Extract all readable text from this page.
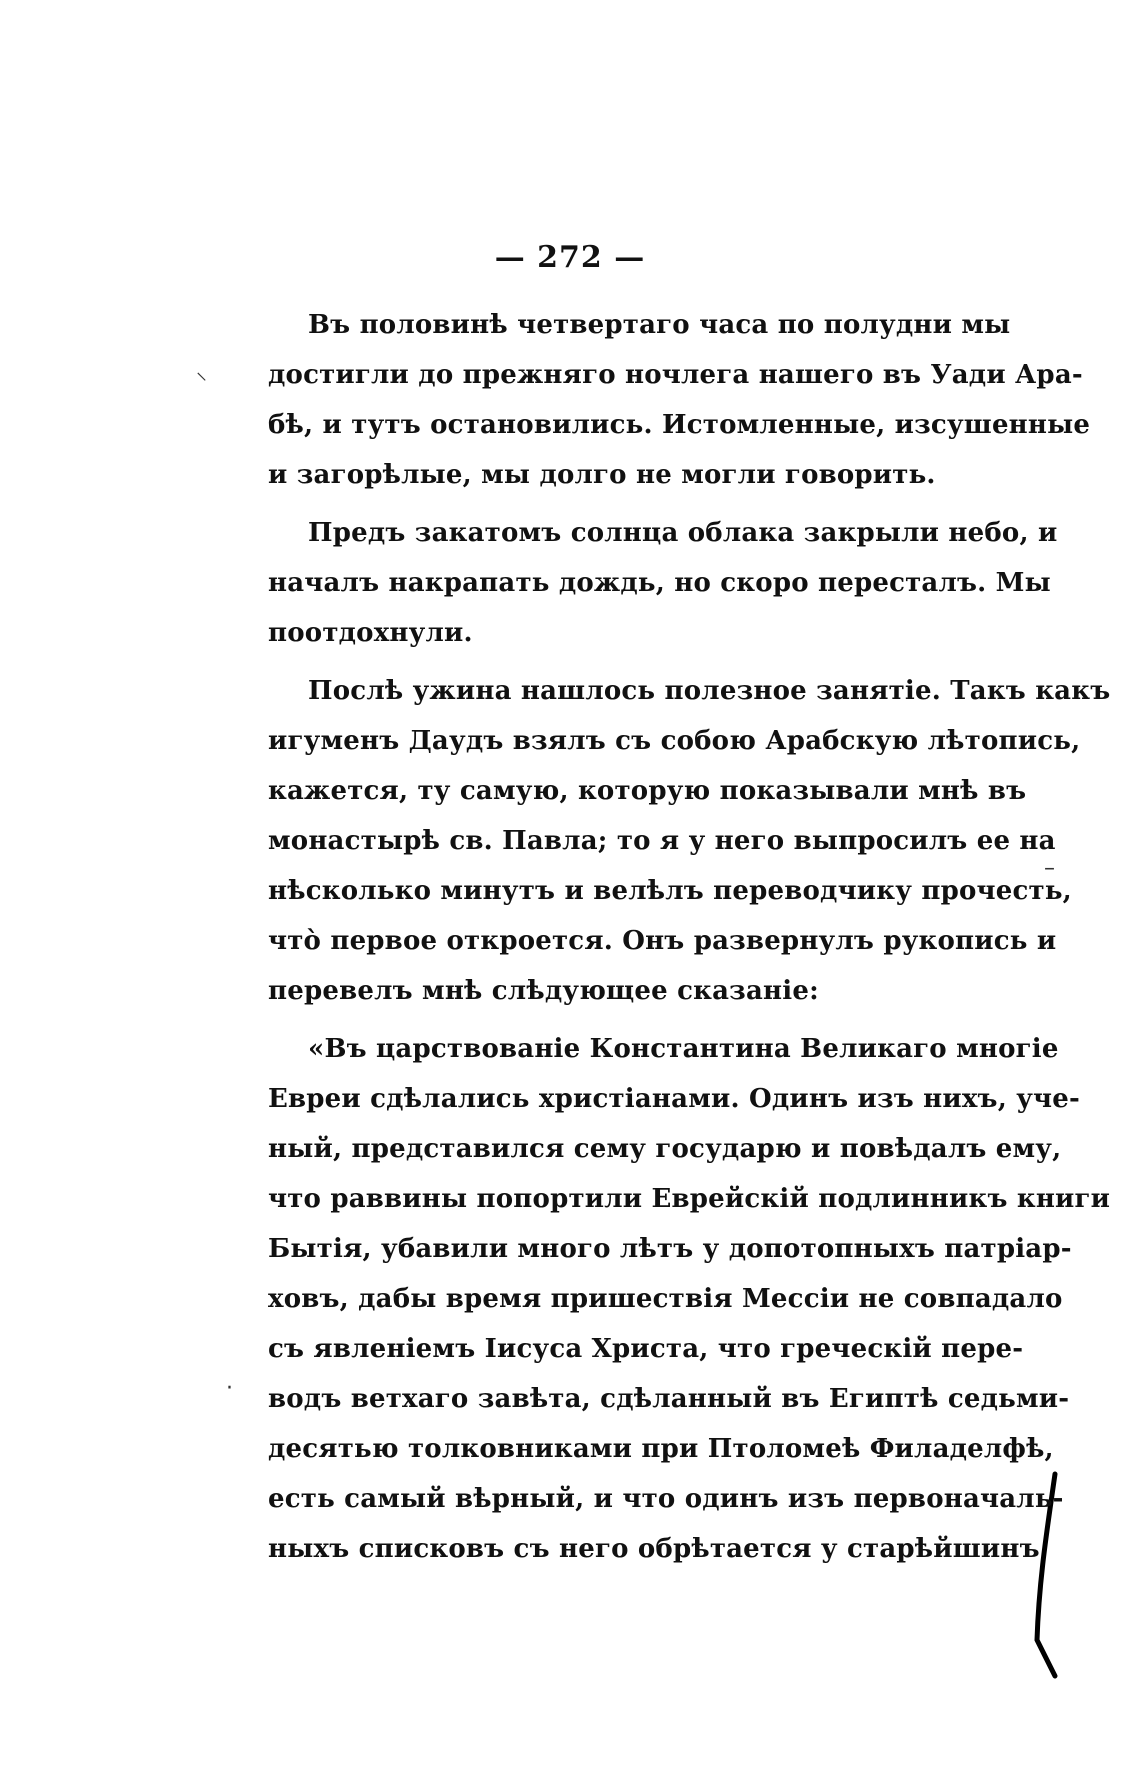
— 272 —
⸜
–
·
Въ половинѣ четвертаго часа по полудни мы
достигли до прежняго ночлега нашего въ Уади Ара-
бѣ, и тутъ остановились. Истомленные, изсушенные
и загорѣлые, мы долго не могли говорить.
Предъ закатомъ солнца облака закрыли небо, и
началъ накрапать дождь, но скоро пересталъ. Мы
поотдохнули.
Послѣ ужина нашлось полезное занятіе. Такъ какъ
игуменъ Даудъ взялъ съ собою Арабскую лѣтопись,
кажется, ту самую, которую показывали мнѣ въ
монастырѣ св. Павла; то я у него выпросилъ ее на
нѣсколько минутъ и велѣлъ переводчику прочесть,
чтò первое откроется. Онъ развернулъ рукопись и
перевелъ мнѣ слѣдующее сказаніе:
«Въ царствованіе Константина Великаго многіе
Евреи сдѣлались христіанами. Одинъ изъ нихъ, уче-
ный, представился сему государю и повѣдалъ ему,
что раввины попортили Еврейскій подлинникъ книги
Бытія, убавили много лѣтъ у допотопныхъ патріар-
ховъ, дабы время пришествія Мессіи не совпадало
съ явленіемъ Іисуса Христа, что греческій пере-
водъ ветхаго завѣта, сдѣланный въ Египтѣ седьми-
десятью толковниками при Птоломеѣ Филаделфѣ,
есть самый вѣрный, и что одинъ изъ первоначаль-
ныхъ списковъ съ него обрѣтается у старѣйшинъ
